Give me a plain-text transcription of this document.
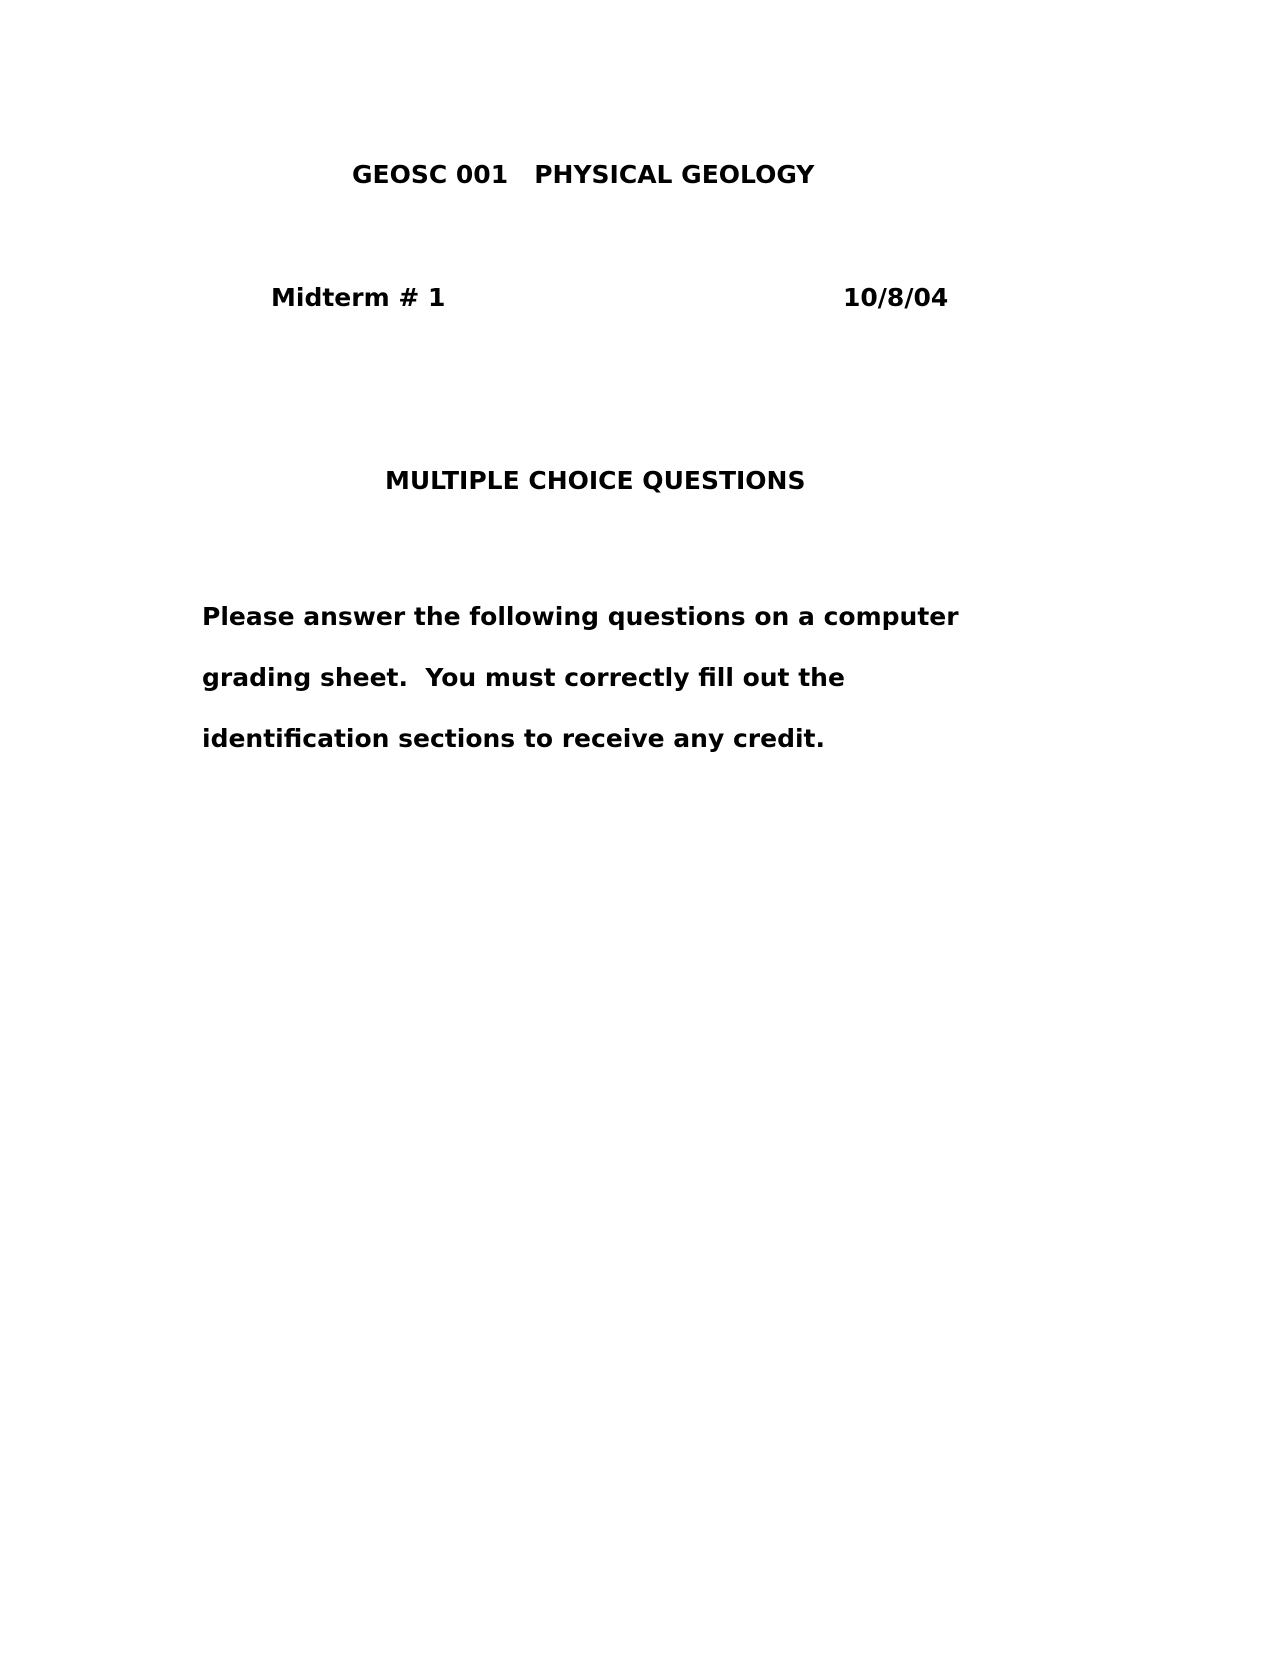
GEOSC 001   PHYSICAL GEOLOGY
Midterm # 1	10/8/04
MULTIPLE CHOICE QUESTIONS
Please answer the following questions on a computer
grading sheet.  You must correctly fill out the
identification sections to receive any credit.
